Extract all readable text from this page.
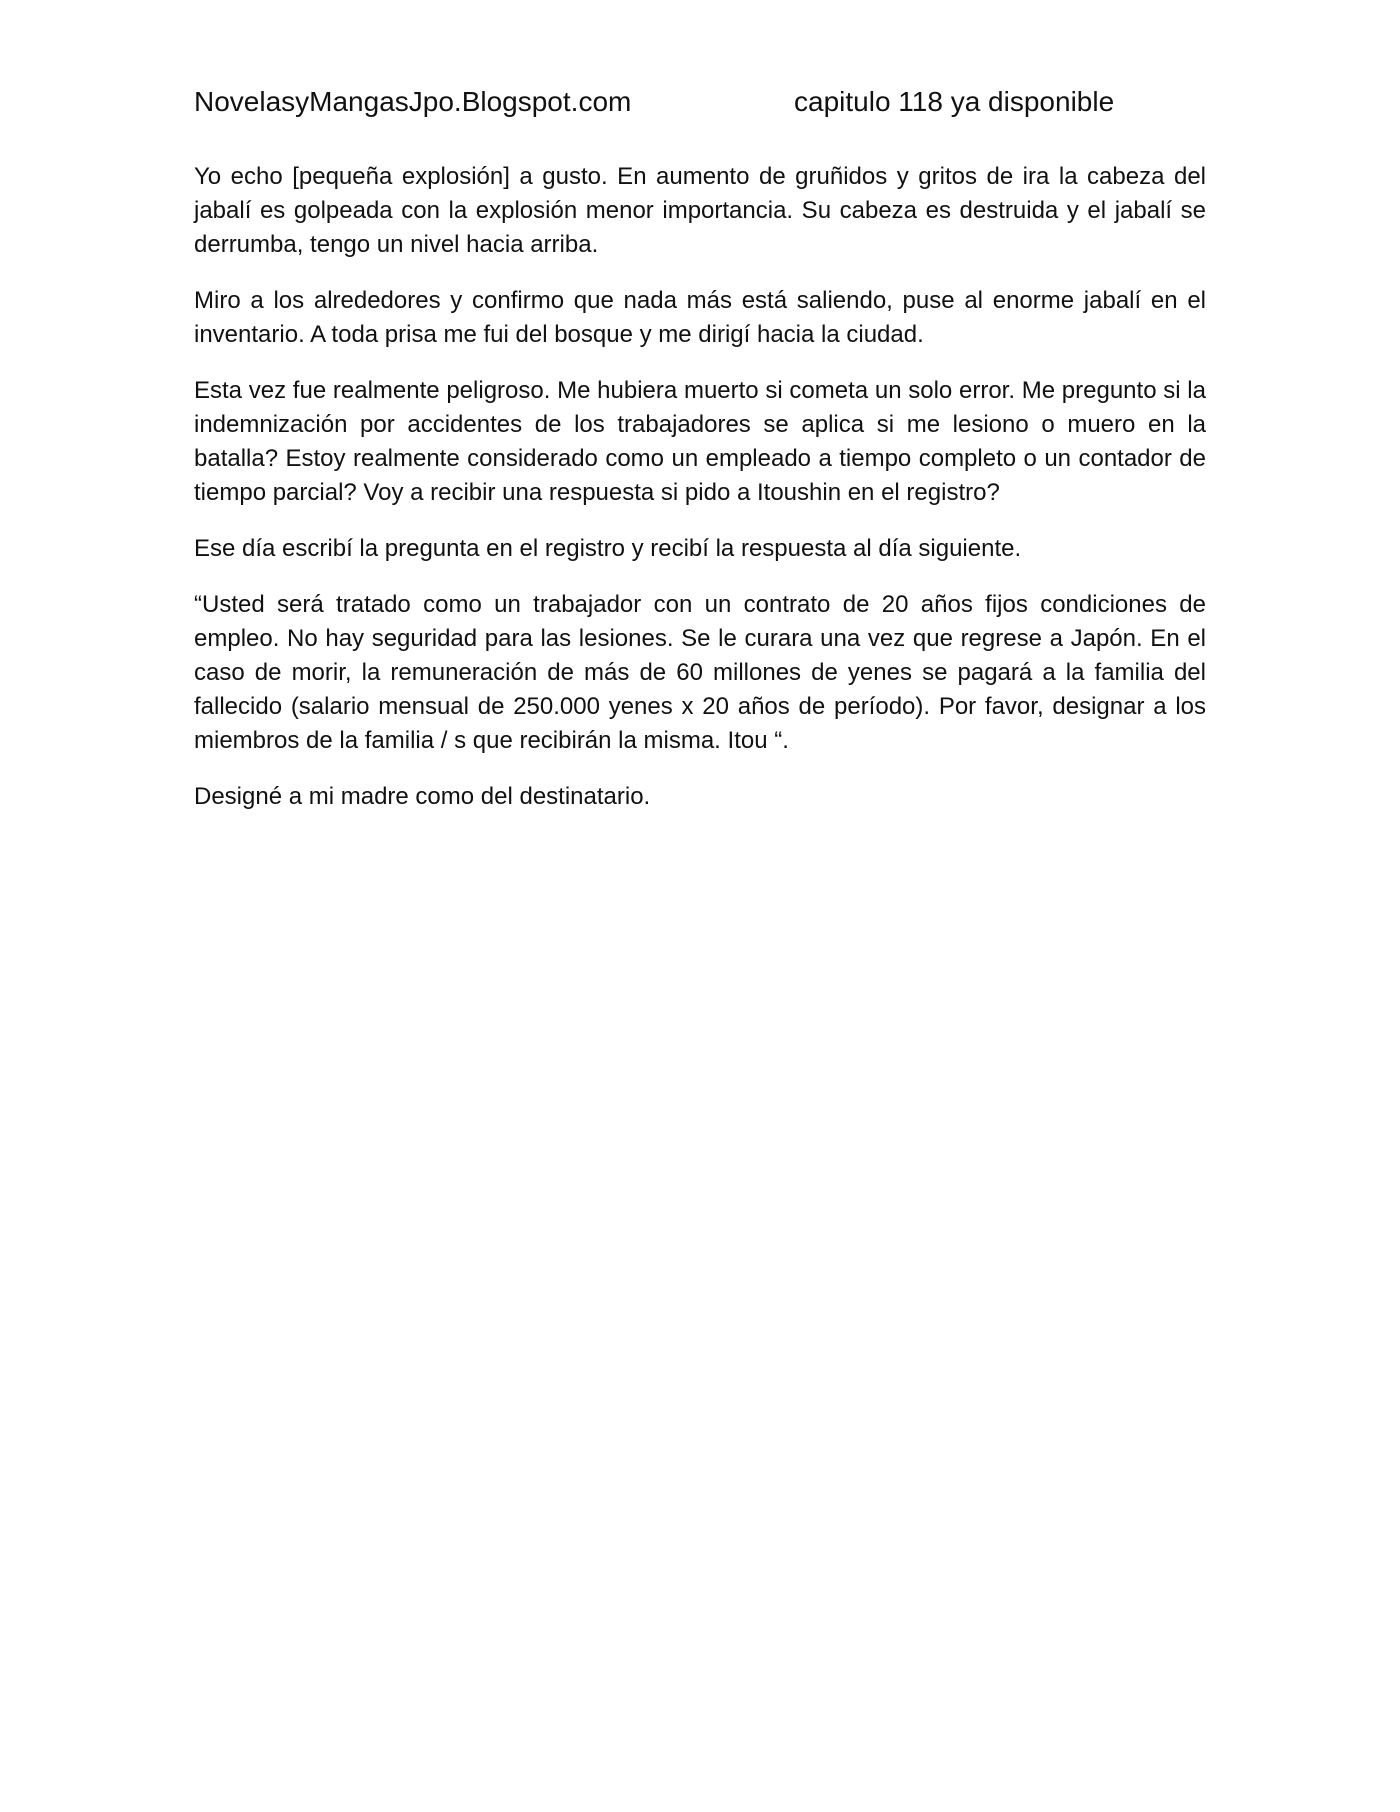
NovelasyMangasJpo.Blogspot.com	capitulo 118 ya disponible

Yo echo [pequeña explosión] a gusto. En aumento de gruñidos y gritos de ira la cabeza del jabalí es golpeada con la explosión menor importancia. Su cabeza es destruida y el jabalí se derrumba, tengo un nivel hacia arriba.

Miro a los alrededores y confirmo que nada más está saliendo, puse al enorme jabalí en el inventario. A toda prisa me fui del bosque y me dirigí hacia la ciudad.

Esta vez fue realmente peligroso. Me hubiera muerto si cometa un solo error. Me pregunto si la indemnización por accidentes de los trabajadores se aplica si me lesiono o muero en la batalla? Estoy realmente considerado como un empleado a tiempo completo o un contador de tiempo parcial? Voy a recibir una respuesta si pido a Itoushin en el registro?

Ese día escribí la pregunta en el registro y recibí la respuesta al día siguiente.

“Usted será tratado como un trabajador con un contrato de 20 años fijos condiciones de empleo. No hay seguridad para las lesiones. Se le curara una vez que regrese a Japón. En el caso de morir, la remuneración de más de 60 millones de yenes se pagará a la familia del fallecido (salario mensual de 250.000 yenes x 20 años de período). Por favor, designar a los miembros de la familia / s que recibirán la misma. Itou “.

Designé a mi madre como del destinatario.
